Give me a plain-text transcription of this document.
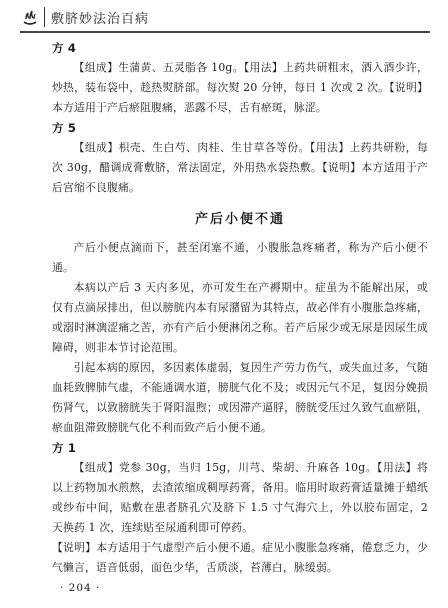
敷脐妙法治百病

方 4

【组成】生蒲黄、五灵脂各 10g。【用法】上药共研粗末，酒入酒少许，炒热，装布袋中，趁热熨脐部。每次熨 20 分钟，每日 1 次或 2 次。【说明】本方适用于产后瘀阻腹痛，恶露不尽，舌有瘀斑，脉涩。

方 5

【组成】枳壳、生白芍、肉桂、生甘草各等份。【用法】上药共研粉，每次 30g，醋调成膏敷脐，常法固定，外用热水袋热敷。【说明】本方适用于产后宫缩不良腹痛。

产后小便不通

产后小便点滴而下，甚至闭塞不通，小腹胀急疼痛者，称为产后小便不通。

本病以产后 3 天内多见，亦可发生在产褥期中。症虽为不能解出尿，或仅有点滴尿排出，但以膀胱内本有尿潴留为其特点，故必伴有小腹胀急疼痛，或溺时淋漓涩痛之苦，亦有产后小便淋闭之称。若产后尿少或无尿是因尿生成障碍，则非本节讨论范围。

引起本病的原因，多因素体虚弱，复因生产劳力伤气，或失血过多，气随血耗致脾肺气虚，不能通调水道，膀胱气化不及；或因元气不足，复因分娩损伤肾气，以致膀胱失于肾阳温煦；或因滞产逼脬，膀胱受压过久致气血瘀阻，瘀血阻滞致膀胱气化不利而致产后小便不通。

方 1

【组成】党参 30g，当归 15g，川芎、柴胡、升麻各 10g。【用法】将以上药物加水煎熬，去渣浓缩成稠厚药膏，备用。临用时取药膏适量摊于蜡纸或纱布中间，贴敷在患者脐孔穴及脐下 1.5 寸气海穴上，外以胶布固定，2 天换药 1 次，连续贴至尿通利即可停药。

【说明】本方适用于气虚型产后小便不通。症见小腹胀急疼痛，倦怠乏力，少气懒言，语音低弱，面色少华，舌质淡，苔薄白，脉缓弱。

· 204 ·
